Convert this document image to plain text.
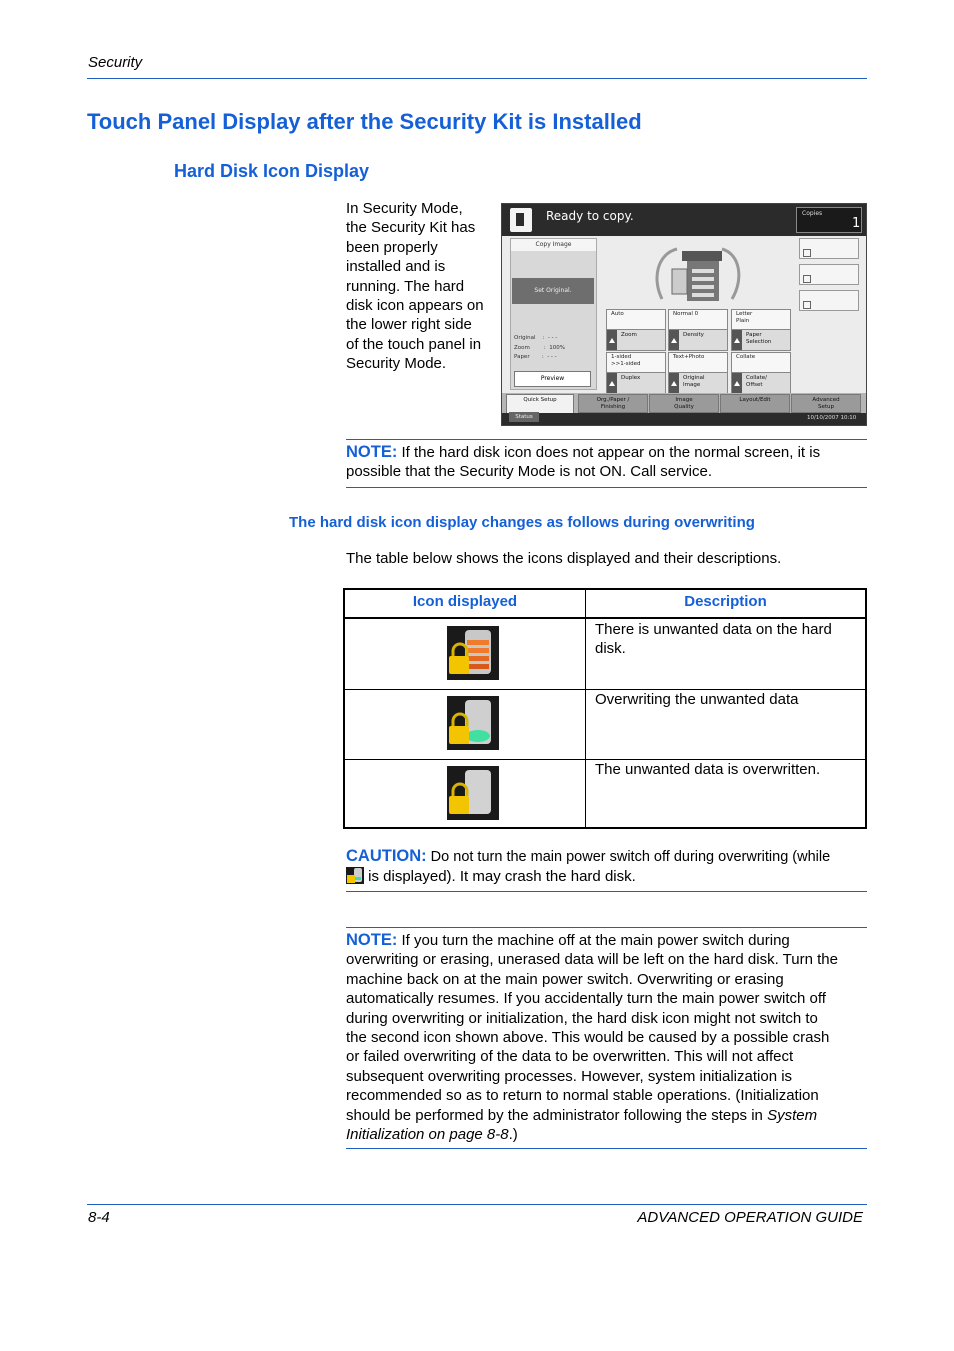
Security
Touch Panel Display after the Security Kit is Installed
Hard Disk Icon Display
In Security Mode,
the Security Kit has
been properly
installed and is
running. The hard
disk icon appears on
the lower right side
of the touch panel in
Security Mode.
Ready to copy.	Copies
1
Copy Image
Set Original.
Original    :  - - -
Zoom        :  100%
Paper       :  - - -
Preview
Auto
Zoom
Normal 0
Density
Letter
Plain
Paper
Selection
1-sided
>>1-sided
Duplex
Text+Photo
Original
Image
Collate
Collate/
Offset
Quick Setup	Org./Paper /
Finishing
Image
Quality
Layout/Edit	Advanced
Setup
Status	10/10/2007 10:10
NOTE: If the hard disk icon does not appear on the normal screen, it is
possible that the Security Mode is not ON. Call service.
The hard disk icon display changes as follows during overwriting
The table below shows the icons displayed and their descriptions.
Icon displayed	Description
There is unwanted data on the hard
disk.
Overwriting the unwanted data
The unwanted data is overwritten.
CAUTION: Do not turn the main power switch off during overwriting (while
is displayed). It may crash the hard disk.
NOTE: If you turn the machine off at the main power switch during
overwriting or erasing, unerased data will be left on the hard disk. Turn the
machine back on at the main power switch. Overwriting or erasing
automatically resumes. If you accidentally turn the main power switch off
during overwriting or initialization, the hard disk icon might not switch to
the second icon shown above. This would be caused by a possible crash
or failed overwriting of the data to be overwritten. This will not affect
subsequent overwriting processes. However, system initialization is
recommended so as to return to normal stable operations. (Initialization
should be performed by the administrator following the steps in System
Initialization on page 8-8.)
8-4	ADVANCED OPERATION GUIDE
